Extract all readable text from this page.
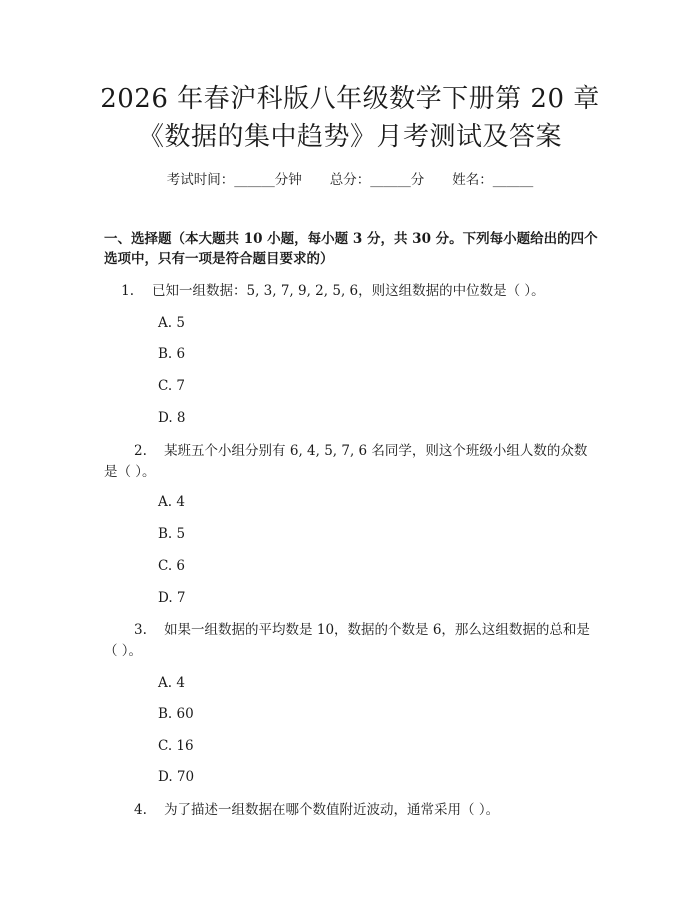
2026 年春沪科版八年级数学下册第 20 章
《数据的集中趋势》月考测试及答案
考试时间：______分钟 总分：______分 姓名：______
一、选择题（本大题共 10 小题，每小题 3 分，共 30 分。下列每小题给出的四个选项中，只有一项是符合题目要求的）
1. 已知一组数据：5, 3, 7, 9, 2, 5, 6，则这组数据的中位数是（ ）。
A. 5
B. 6
C. 7
D. 8
2. 某班五个小组分别有 6, 4, 5, 7, 6 名同学，则这个班级小组人数的众数是（ ）。
A. 4
B. 5
C. 6
D. 7
3. 如果一组数据的平均数是 10，数据的个数是 6，那么这组数据的总和是（ ）。
A. 4
B. 60
C. 16
D. 70
4. 为了描述一组数据在哪个数值附近波动，通常采用（ ）。
